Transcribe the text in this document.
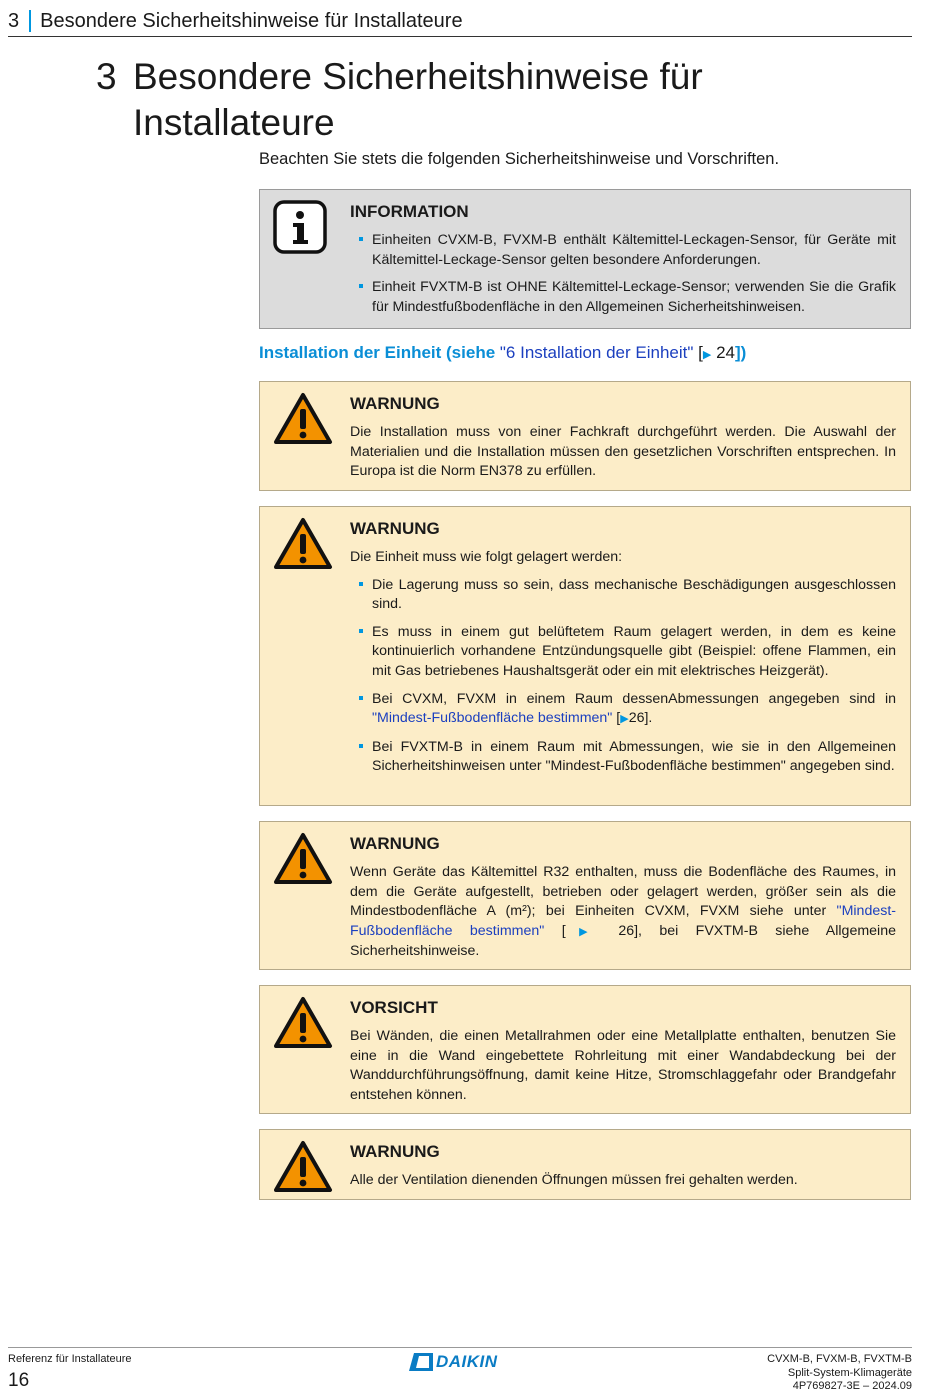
3 Besondere Sicherheitshinweise für Installateure
3 Besondere Sicherheitshinweise für
Installateure
Beachten Sie stets die folgenden Sicherheitshinweise und Vorschriften.
INFORMATION
Einheiten CVXM-B, FVXM-B enthält Kältemittel-Leckagen-Sensor, für Geräte mit Kältemittel-Leckage-Sensor gelten besondere Anforderungen.
Einheit FVXTM-B ist OHNE Kältemittel-Leckage-Sensor; verwenden Sie die Grafik für Mindestfußbodenfläche in den Allgemeinen Sicherheitshinweisen.
Installation der Einheit (siehe "6 Installation der Einheit" [▶ 24])
WARNUNG

Die Installation muss von einer Fachkraft durchgeführt werden. Die Auswahl der Materialien und die Installation müssen den gesetzlichen Vorschriften entsprechen. In Europa ist die Norm EN378 zu erfüllen.

WARNUNG

Die Einheit muss wie folgt gelagert werden:

Die Lagerung muss so sein, dass mechanische Beschädigungen ausgeschlossen sind.
Es muss in einem gut belüftetem Raum gelagert werden, in dem es keine kontinuierlich vorhandene Entzündungsquelle gibt (Beispiel: offene Flammen, ein mit Gas betriebenes Haushaltsgerät oder ein mit elektrisches Heizgerät).
Bei CVXM, FVXM in einem Raum dessenAbmessungen angegeben sind in "Mindest-Fußbodenfläche bestimmen" [▶26].
Bei FVXTM-B in einem Raum mit Abmessungen, wie sie in den Allgemeinen Sicherheitshinweisen unter "Mindest-Fußbodenfläche bestimmen" angegeben sind.
WARNUNG

Wenn Geräte das Kältemittel R32 enthalten, muss die Bodenfläche des Raumes, in dem die Geräte aufgestellt, betrieben oder gelagert werden, größer sein als die Mindestbodenfläche A (m²); bei Einheiten CVXM, FVXM siehe unter "Mindest-Fußbodenfläche bestimmen" [▶ 26], bei FVXTM-B siehe Allgemeine Sicherheitshinweise.

VORSICHT

Bei Wänden, die einen Metallrahmen oder eine Metallplatte enthalten, benutzen Sie eine in die Wand eingebettete Rohrleitung mit einer Wandabdeckung bei der Wanddurchführungsöffnung, damit keine Hitze, Stromschlaggefahr oder Brandgefahr entstehen können.

WARNUNG

Alle der Ventilation dienenden Öffnungen müssen frei gehalten werden.

Referenz für Installateure
16
DAIKIN	CVXM-B, FVXM-B, FVXTM-B
Split-System-Klimageräte
4P769827-3E – 2024.09
